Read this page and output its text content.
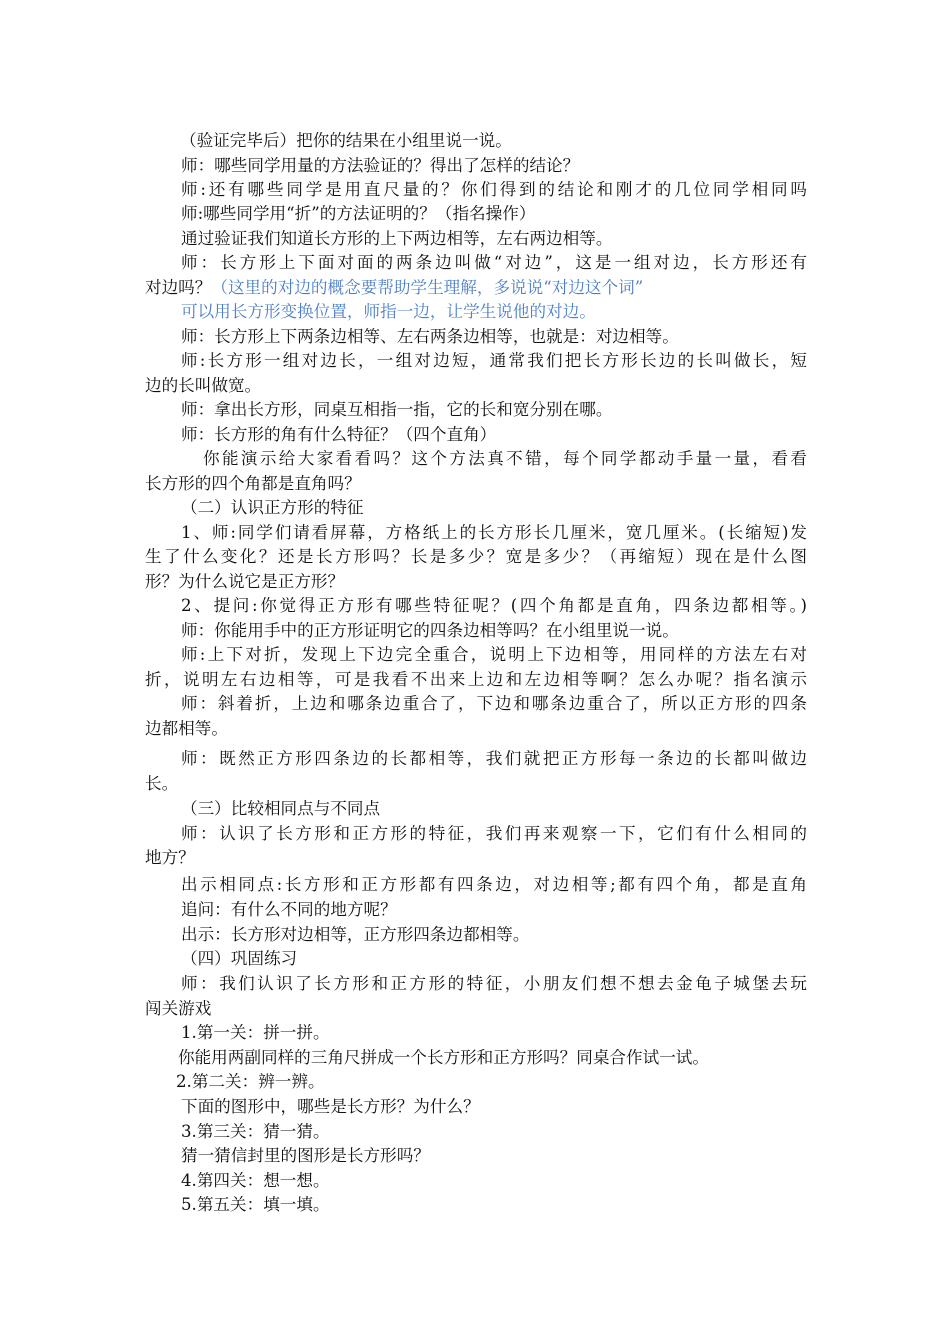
（验证完毕后）把你的结果在小组里说一说。
师：哪些同学用量的方法验证的？得出了怎样的结论？
师:还有哪些同学是用直尺量的？你们得到的结论和刚才的几位同学相同吗
师:哪些同学用“折”的方法证明的？（指名操作）
通过验证我们知道长方形的上下两边相等，左右两边相等。
师：长方形上下面对面的两条边叫做“对边”，这是一组对边，长方形还有
对边吗？（这里的对边的概念要帮助学生理解，多说说“对边这个词”
可以用长方形变换位置，师指一边，让学生说他的对边。
师：长方形上下两条边相等、左右两条边相等，也就是：对边相等。
师:长方形一组对边长，一组对边短，通常我们把长方形长边的长叫做长，短
边的长叫做宽。
师：拿出长方形，同桌互相指一指，它的长和宽分别在哪。
师：长方形的角有什么特征？（四个直角）
你能演示给大家看看吗？这个方法真不错，每个同学都动手量一量，看看
长方形的四个角都是直角吗？
（二）认识正方形的特征
1、师:同学们请看屏幕，方格纸上的长方形长几厘米，宽几厘米。(长缩短)发
生了什么变化？还是长方形吗？长是多少？宽是多少？（再缩短）现在是什么图
形？为什么说它是正方形？
2、提问:你觉得正方形有哪些特征呢？(四个角都是直角，四条边都相等。)
师：你能用手中的正方形证明它的四条边相等吗？在小组里说一说。
师:上下对折，发现上下边完全重合，说明上下边相等，用同样的方法左右对
折，说明左右边相等，可是我看不出来上边和左边相等啊？怎么办呢？指名演示
师：斜着折，上边和哪条边重合了，下边和哪条边重合了，所以正方形的四条
边都相等。
师：既然正方形四条边的长都相等，我们就把正方形每一条边的长都叫做边
长。
（三）比较相同点与不同点
师：认识了长方形和正方形的特征，我们再来观察一下，它们有什么相同的
地方？
出示相同点:长方形和正方形都有四条边，对边相等;都有四个角，都是直角
追问：有什么不同的地方呢？
出示：长方形对边相等，正方形四条边都相等。
（四）巩固练习
师：我们认识了长方形和正方形的特征，小朋友们想不想去金龟子城堡去玩
闯关游戏
1.第一关：拼一拼。
你能用两副同样的三角尺拼成一个长方形和正方形吗？同桌合作试一试。
2.第二关：辨一辨。
下面的图形中，哪些是长方形？为什么？
3.第三关：猜一猜。
猜一猜信封里的图形是长方形吗？
4.第四关：想一想。
5.第五关：填一填。
